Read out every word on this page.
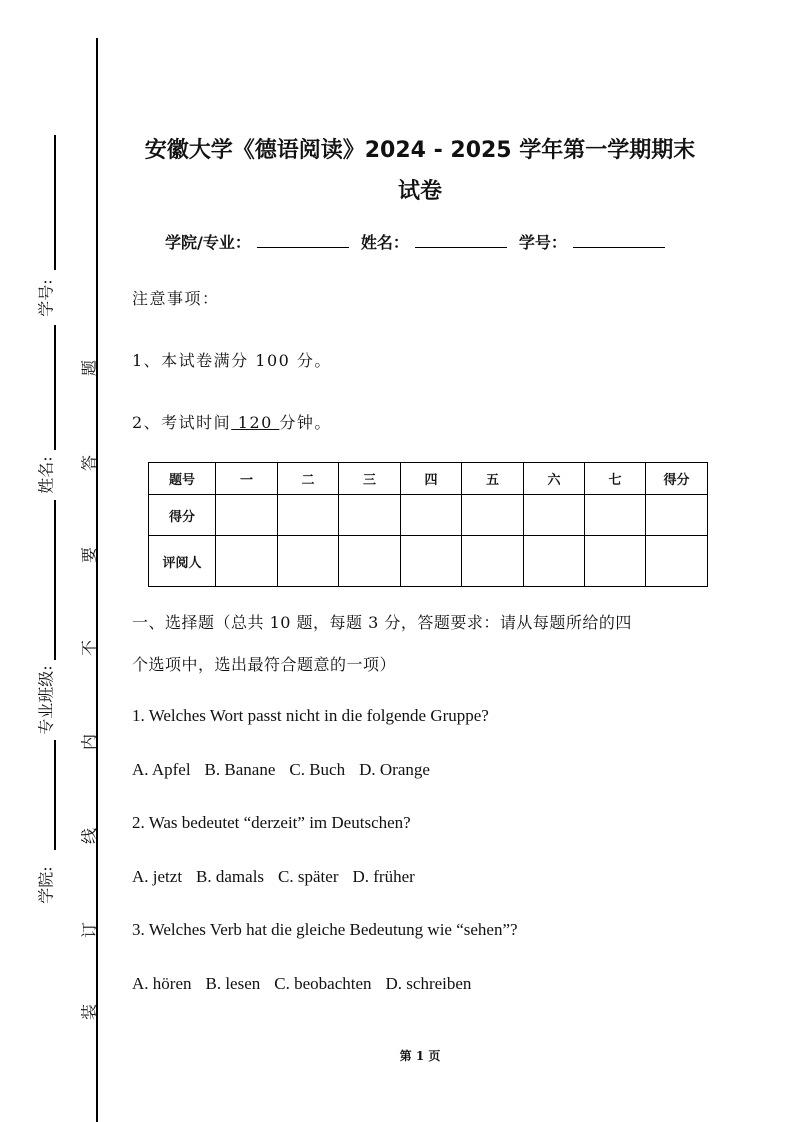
学号:
姓名:
专业班级:
学院:
题
答
要
不
内
线
订
装
安徽大学《德语阅读》2024 - 2025 学年第一学期期末
试卷
学院/专业：	姓名：	学号：
注意事项：
1、本试卷满分 100 分。
2、考试时间 120 分钟。
题号	一	二	三	四	五	六	七	得分
得分								
评阅人								
一、选择题（总共 10 题，每题 3 分，答题要求：请从每题所给的四
个选项中，选出最符合题意的一项）
1. Welches Wort passt nicht in die folgende Gruppe?
A. Apfel B. Banane C. Buch D. Orange
2. Was bedeutet “derzeit” im Deutschen?
A. jetzt B. damals C. später D. früher
3. Welches Verb hat die gleiche Bedeutung wie “sehen”?
A. hören B. lesen C. beobachten D. schreiben
第 1 页
